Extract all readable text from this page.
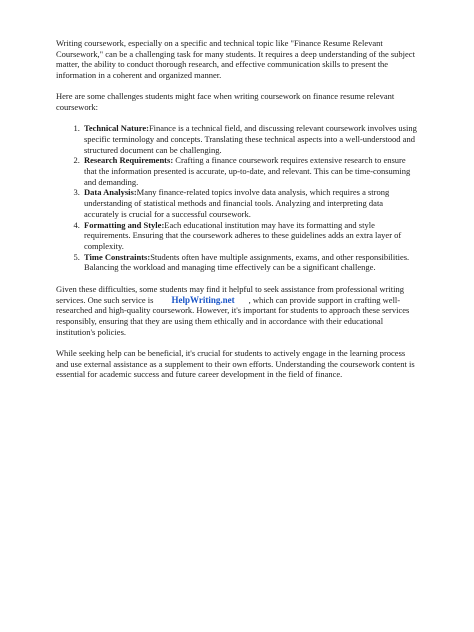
Writing coursework, especially on a specific and technical topic like "Finance Resume Relevant Coursework," can be a challenging task for many students. It requires a deep understanding of the subject matter, the ability to conduct thorough research, and effective communication skills to present the information in a coherent and organized manner.

Here are some challenges students might face when writing coursework on finance resume relevant coursework:

1. Technical Nature:Finance is a technical field, and discussing relevant coursework involves using specific terminology and concepts. Translating these technical aspects into a well-understood and structured document can be challenging.
2. Research Requirements: Crafting a finance coursework requires extensive research to ensure that the information presented is accurate, up-to-date, and relevant. This can be time-consuming and demanding.
3. Data Analysis:Many finance-related topics involve data analysis, which requires a strong understanding of statistical methods and financial tools. Analyzing and interpreting data accurately is crucial for a successful coursework.
4. Formatting and Style:Each educational institution may have its formatting and style requirements. Ensuring that the coursework adheres to these guidelines adds an extra layer of complexity.
5. Time Constraints:Students often have multiple assignments, exams, and other responsibilities. Balancing the workload and managing time effectively can be a significant challenge.

Given these difficulties, some students may find it helpful to seek assistance from professional writing services. One such service is HelpWriting.net , which can provide support in crafting well-researched and high-quality coursework. However, it's important for students to approach these services responsibly, ensuring that they are using them ethically and in accordance with their educational institution's policies.

While seeking help can be beneficial, it's crucial for students to actively engage in the learning process and use external assistance as a supplement to their own efforts. Understanding the coursework content is essential for academic success and future career development in the field of finance.
